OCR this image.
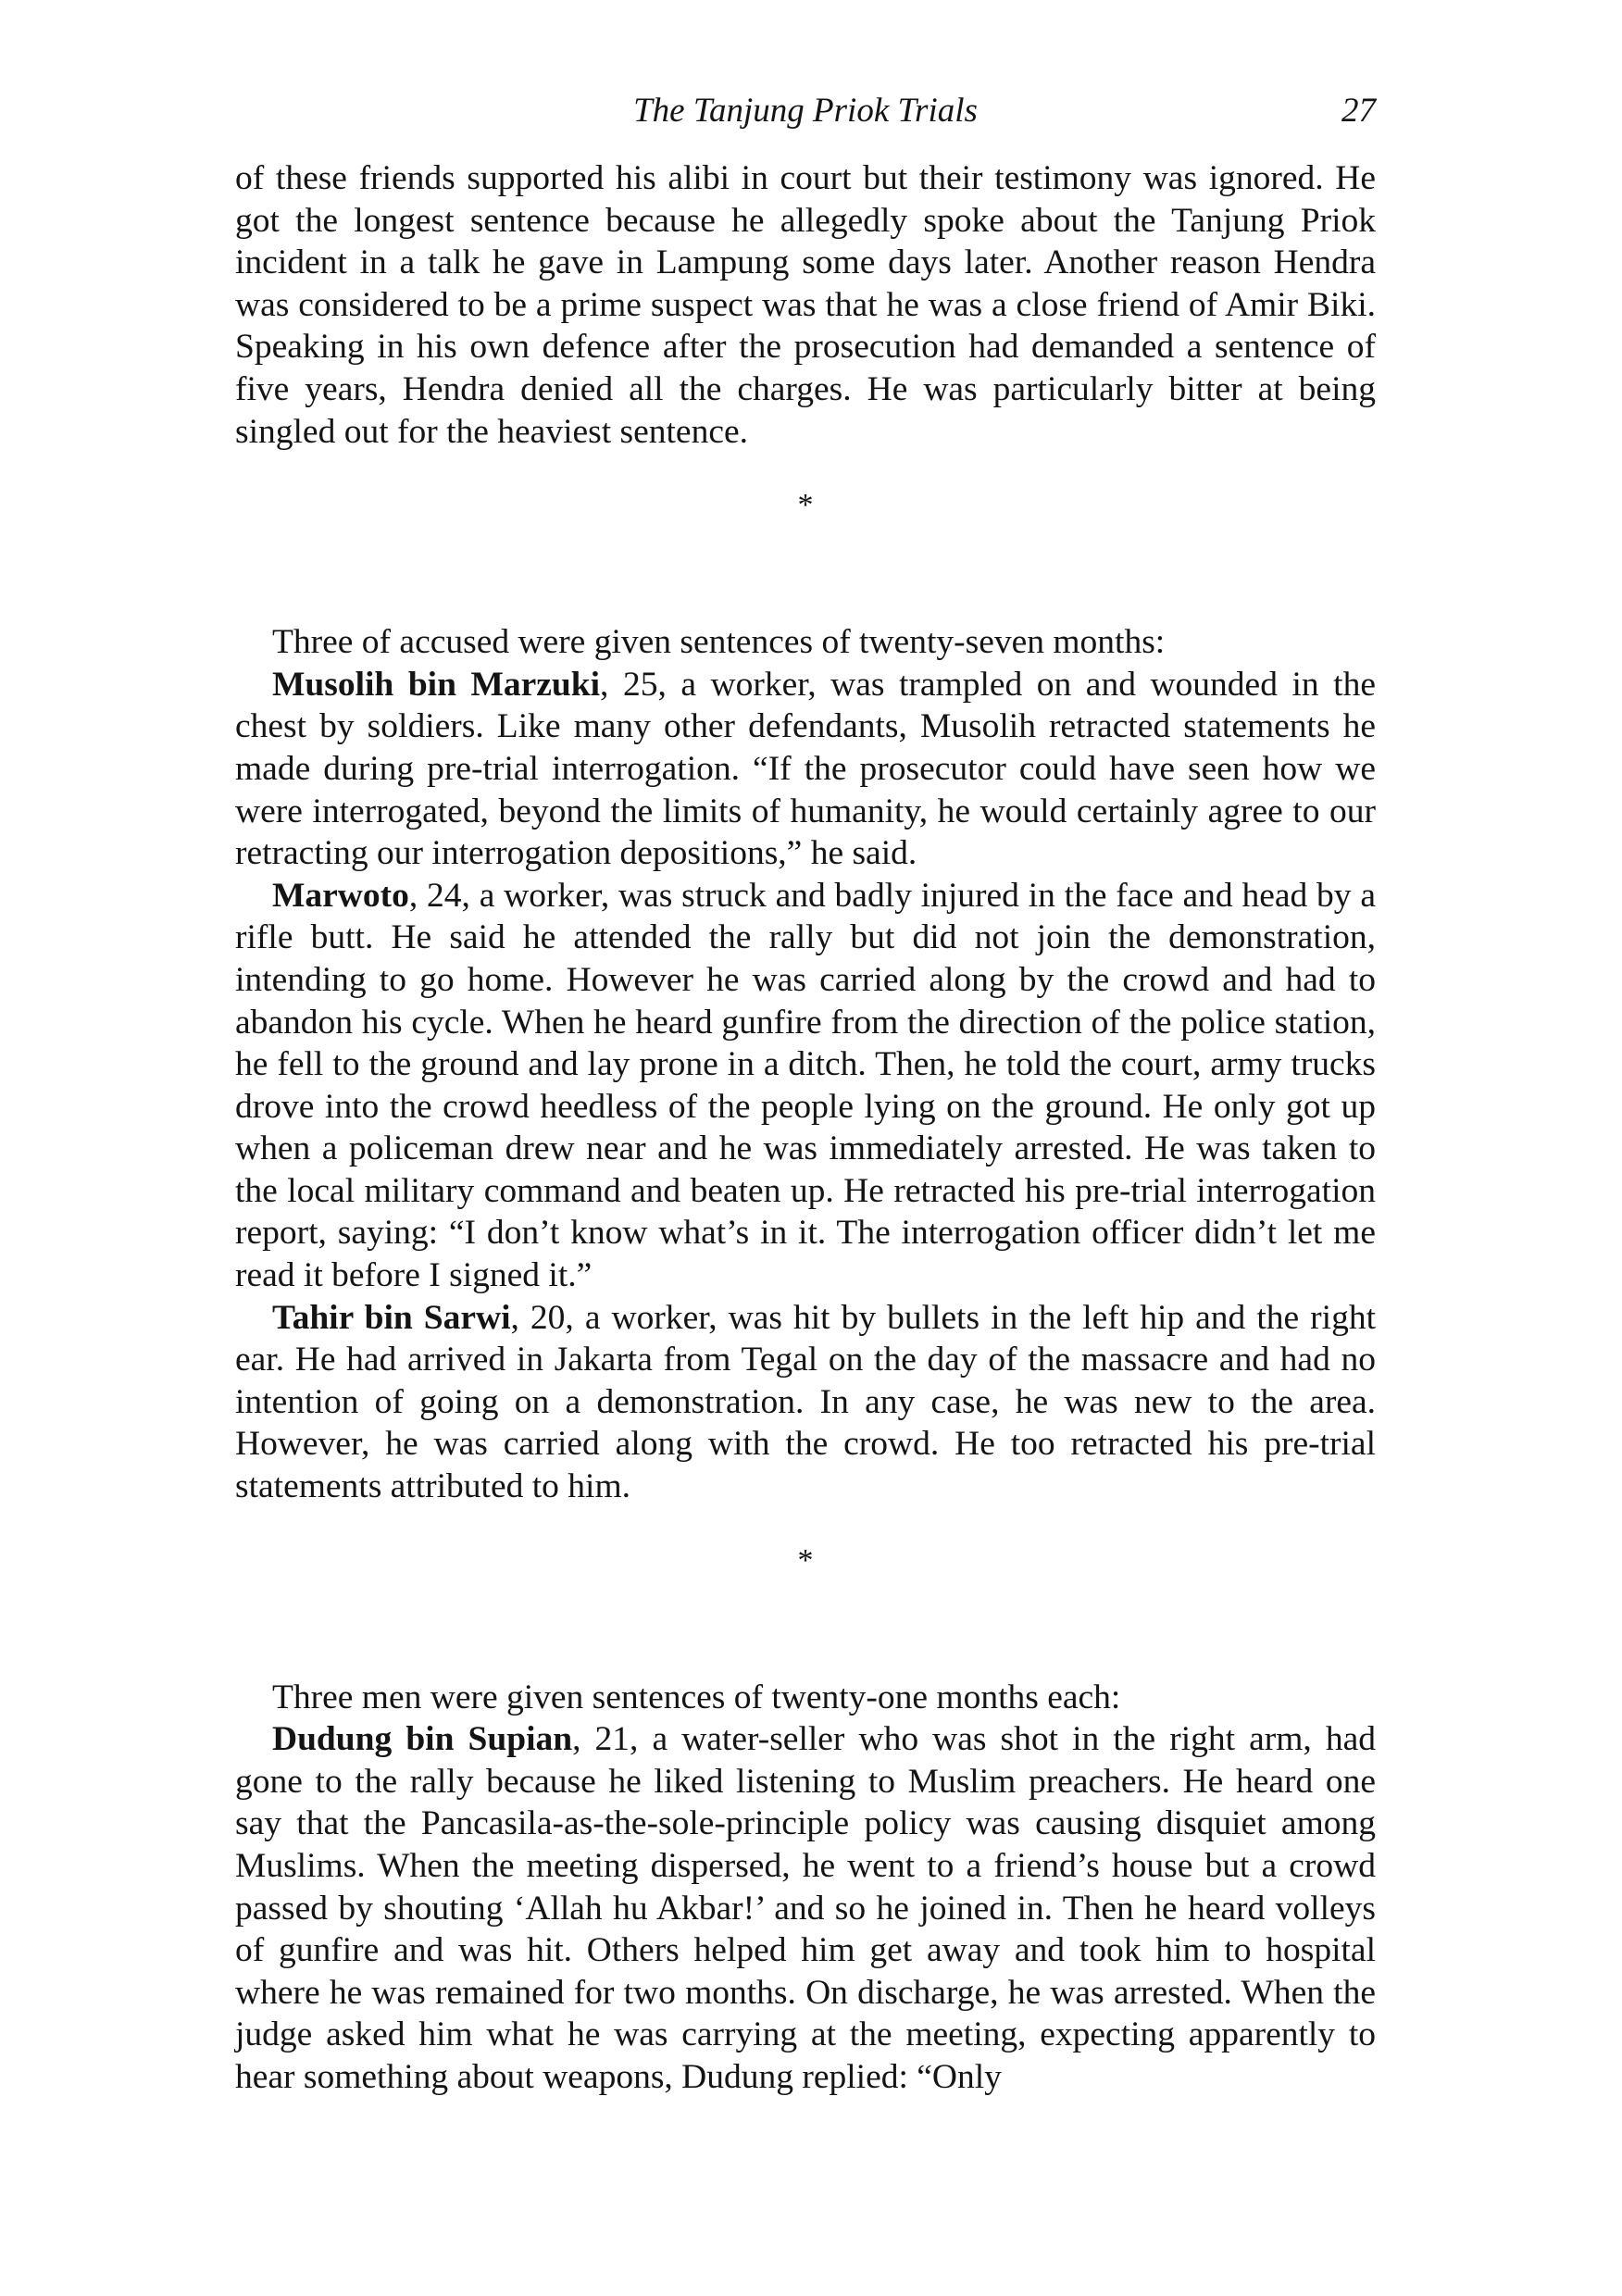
The Tanjung Priok Trials	27

of these friends supported his alibi in court but their testimony was ignored. He got the longest sentence because he allegedly spoke about the Tanjung Priok incident in a talk he gave in Lampung some days later. Another reason Hendra was considered to be a prime suspect was that he was a close friend of Amir Biki. Speaking in his own defence after the prosecution had demanded a sentence of five years, Hendra denied all the charges. He was particularly bitter at being singled out for the heaviest sentence.

*

Three of accused were given sentences of twenty-seven months:

Musolih bin Marzuki, 25, a worker, was trampled on and wounded in the chest by soldiers. Like many other defendants, Musolih retracted statements he made during pre-trial interrogation. “If the prosecutor could have seen how we were interrogated, beyond the limits of humanity, he would certainly agree to our retracting our interrogation depositions,” he said.

Marwoto, 24, a worker, was struck and badly injured in the face and head by a rifle butt. He said he attended the rally but did not join the demonstration, intending to go home. However he was carried along by the crowd and had to abandon his cycle. When he heard gunfire from the direction of the police station, he fell to the ground and lay prone in a ditch. Then, he told the court, army trucks drove into the crowd heedless of the people lying on the ground. He only got up when a policeman drew near and he was immediately arrested. He was taken to the local military command and beaten up. He retracted his pre-trial interrogation report, saying: “I don’t know what’s in it. The interrogation officer didn’t let me read it before I signed it.”

Tahir bin Sarwi, 20, a worker, was hit by bullets in the left hip and the right ear. He had arrived in Jakarta from Tegal on the day of the massacre and had no intention of going on a demonstration. In any case, he was new to the area. However, he was carried along with the crowd. He too retracted his pre-trial statements attributed to him.

*

Three men were given sentences of twenty-one months each:

Dudung bin Supian, 21, a water-seller who was shot in the right arm, had gone to the rally because he liked listening to Muslim preachers. He heard one say that the Pancasila-as-the-sole-principle policy was causing disquiet among Muslims. When the meeting dispersed, he went to a friend’s house but a crowd passed by shouting ‘Allah hu Akbar!’ and so he joined in. Then he heard volleys of gunfire and was hit. Others helped him get away and took him to hospital where he was remained for two months. On discharge, he was arrested. When the judge asked him what he was carrying at the meeting, expecting apparently to hear something about weapons, Dudung replied: “Only
